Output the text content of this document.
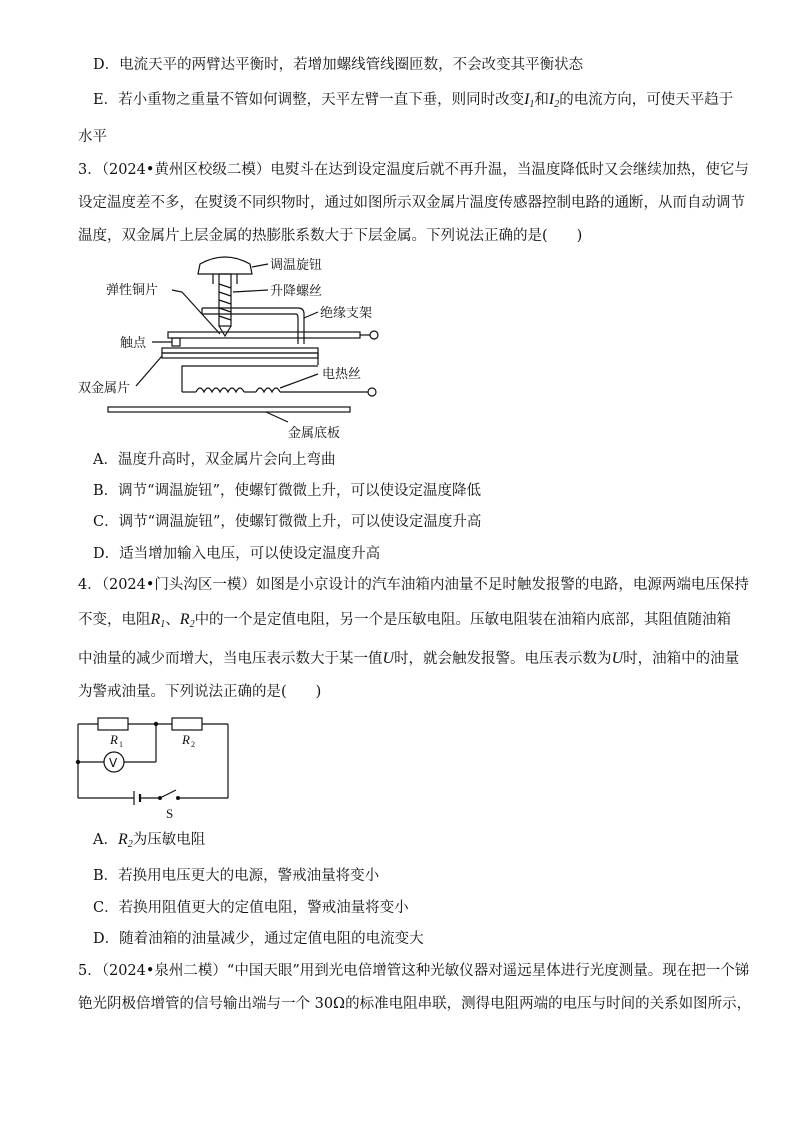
D．电流天平的两臂达平衡时，若增加螺线管线圈匝数，不会改变其平衡状态
E．若小重物之重量不管如何调整，天平左臂一直下垂，则同时改变$I_1$和$I_2$的电流方向，可使天平趋于
水平
3．（2024•黄州区校级二模）电熨斗在达到设定温度后就不再升温，当温度降低时又会继续加热，使它与
设定温度差不多，在熨烫不同织物时，通过如图所示双金属片温度传感器控制电路的通断，从而自动调节
温度，双金属片上层金属的热膨胀系数大于下层金属。下列说法正确的是(　　)
调温旋钮
升降螺丝
弹性铜片
绝缘支架
触点
电热丝
双金属片
金属底板
A．温度升高时，双金属片会向上弯曲
B．调节“调温旋钮”，使螺钉微微上升，可以使设定温度降低
C．调节“调温旋钮”，使螺钉微微上升，可以使设定温度升高
D．适当增加输入电压，可以使设定温度升高
4．（2024•门头沟区一模）如图是小京设计的汽车油箱内油量不足时触发报警的电路，电源两端电压保持
不变，电阻$R_1$、$R_2$中的一个是定值电阻，另一个是压敏电阻。压敏电阻装在油箱内底部，其阻值随油箱
中油量的减少而增大，当电压表示数大于某一值U时，就会触发报警。电压表示数为U时，油箱中的油量
为警戒油量。下列说法正确的是(　　)
R 1	R 2
V
S
A．$R_2$为压敏电阻
B．若换用电压更大的电源，警戒油量将变小
C．若换用阻值更大的定值电阻，警戒油量将变小
D．随着油箱的油量减少，通过定值电阻的电流变大
5．（2024•泉州二模）“中国天眼”用到光电倍增管这种光敏仪器对遥远星体进行光度测量。现在把一个锑
铯光阴极倍增管的信号输出端与一个 30Ω的标准电阻串联，测得电阻两端的电压与时间的关系如图所示，
